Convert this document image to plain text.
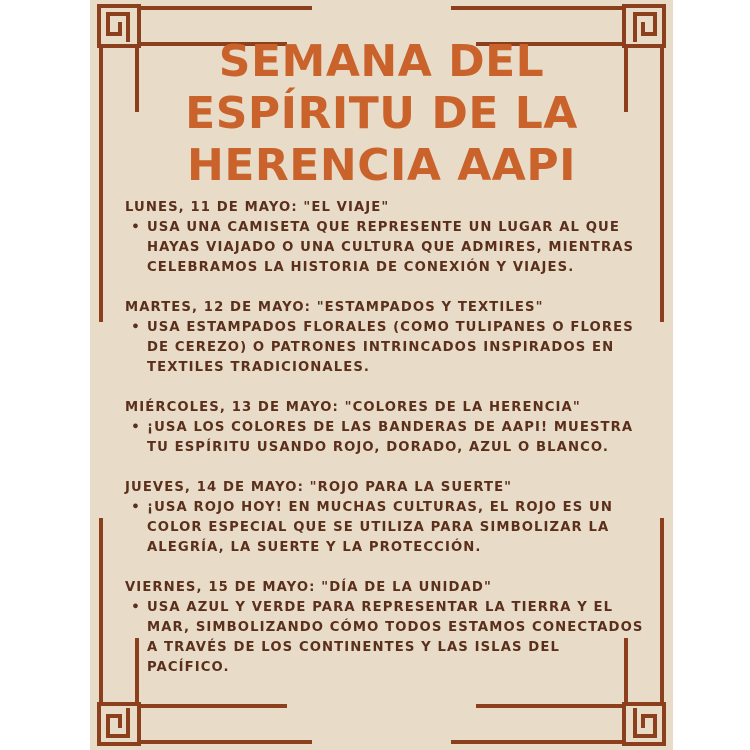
SEMANA DEL
ESPÍRITU DE LA
HERENCIA AAPI

LUNES, 11 DE MAYO: "EL VIAJE"

• USA UNA CAMISETA QUE REPRESENTE UN LUGAR AL QUE HAYAS VIAJADO O UNA CULTURA QUE ADMIRES, MIENTRAS CELEBRAMOS LA HISTORIA DE CONEXIÓN Y VIAJES.

MARTES, 12 DE MAYO: "ESTAMPADOS Y TEXTILES"

• USA ESTAMPADOS FLORALES (COMO TULIPANES O FLORES DE CEREZO) O PATRONES INTRINCADOS INSPIRADOS EN TEXTILES TRADICIONALES.

MIÉRCOLES, 13 DE MAYO: "COLORES DE LA HERENCIA"

• ¡USA LOS COLORES DE LAS BANDERAS DE AAPI! MUESTRA TU ESPÍRITU USANDO ROJO, DORADO, AZUL O BLANCO.

JUEVES, 14 DE MAYO: "ROJO PARA LA SUERTE"

• ¡USA ROJO HOY! EN MUCHAS CULTURAS, EL ROJO ES UN COLOR ESPECIAL QUE SE UTILIZA PARA SIMBOLIZAR LA ALEGRÍA, LA SUERTE Y LA PROTECCIÓN.

VIERNES, 15 DE MAYO: "DÍA DE LA UNIDAD"

• USA AZUL Y VERDE PARA REPRESENTAR LA TIERRA Y EL MAR, SIMBOLIZANDO CÓMO TODOS ESTAMOS CONECTADOS A TRAVÉS DE LOS CONTINENTES Y LAS ISLAS DEL PACÍFICO.
